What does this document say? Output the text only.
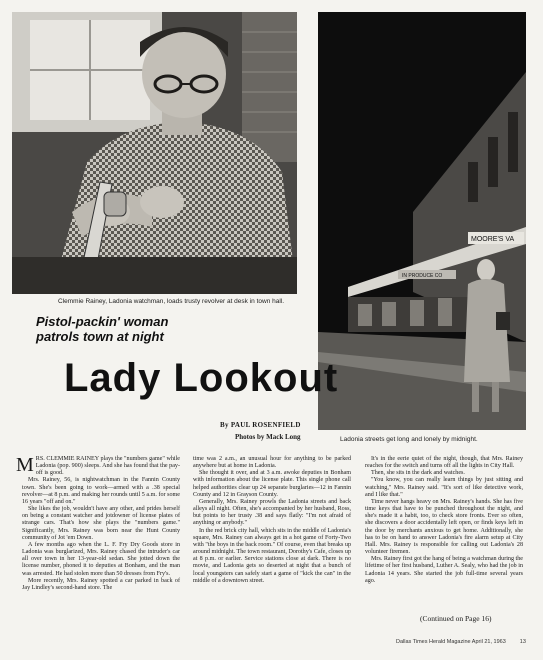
MOORE'S VA
IN PRODUCE CO
Clemmie Rainey, Ladonia watchman, loads trusty revolver at desk in town hall.
Ladonia streets get long and lonely by midnight.
Pistol-packin' woman
patrols town at night
Lady Lookout
By PAUL ROSENFIELD
Photos by Mack Long

MRS. CLEMMIE RAINEY plays the "numbers game" while Ladonia (pop. 900) sleeps. And she has found that the pay-off is good.

Mrs. Rainey, 56, is nightwatchman in the Fannin County town. She's been going to work—armed with a .38 special revolver—at 8 p.m. and making her rounds until 5 a.m. for some 16 years "off and on."

She likes the job, wouldn't have any other, and prides herself on being a constant watcher and jotdowner of license plates of strange cars. That's how she plays the "numbers game." Significantly, Mrs. Rainey was born near the Hunt County community of Jot 'em Down.

A few months ago when the L. F. Fry Dry Goods store in Ladonia was burglarized, Mrs. Rainey chased the intruder's car all over town in her 13-year-old sedan. She jotted down the license number, phoned it to deputies at Bonham, and the man was arrested. He had stolen more than 50 dresses from Fry's.

More recently, Mrs. Rainey spotted a car parked in back of Jay Lindley's second-hand store. The

time was 2 a.m., an unusual hour for anything to be parked anywhere but at home in Ladonia.

She thought it over, and at 3 a.m. awoke deputies in Bonham with information about the license plate. This single phone call helped authorities clear up 24 separate burglaries—12 in Fannin County and 12 in Grayson County.

Generally, Mrs. Rainey prowls the Ladonia streets and back alleys all night. Often, she's accompanied by her husband, Ross, but points to her trusty .38 and says flatly: "I'm not afraid of anything or anybody."

In the red brick city hall, which sits in the middle of Ladonia's square, Mrs. Rainey can always get in a hot game of Forty-Two with "the boys in the back room." Of course, even that breaks up around midnight. The town restaurant, Dorothy's Cafe, closes up at 8 p.m. or earlier. Service stations close at dark. There is no movie, and Ladonia gets so deserted at night that a bunch of local youngsters can safely start a game of "kick the can" in the middle of a downtown street.

It's in the eerie quiet of the night, though, that Mrs. Rainey reaches for the switch and turns off all the lights in City Hall.

Then, she sits in the dark and watches.

"You know, you can really learn things by just sitting and watching," Mrs. Rainey said. "It's sort of like detective work, and I like that."

Time never hangs heavy on Mrs. Rainey's hands. She has five time keys that have to be punched throughout the night, and she's made it a habit, too, to check store fronts. Ever so often, she discovers a door accidentally left open, or finds keys left in the door by merchants anxious to get home. Additionally, she has to be on hand to answer Ladonia's fire alarm setup at City Hall. Mrs. Rainey is responsible for calling out Ladonia's 28 volunteer firemen.

Mrs. Rainey first got the hang of being a watchman during the lifetime of her first husband, Luther A. Sealy, who had the job in Ladonia 14 years. She started the job full-time several years ago.

(Continued on Page 16)
Dallas Times Herald Magazine April 21, 1963	13
